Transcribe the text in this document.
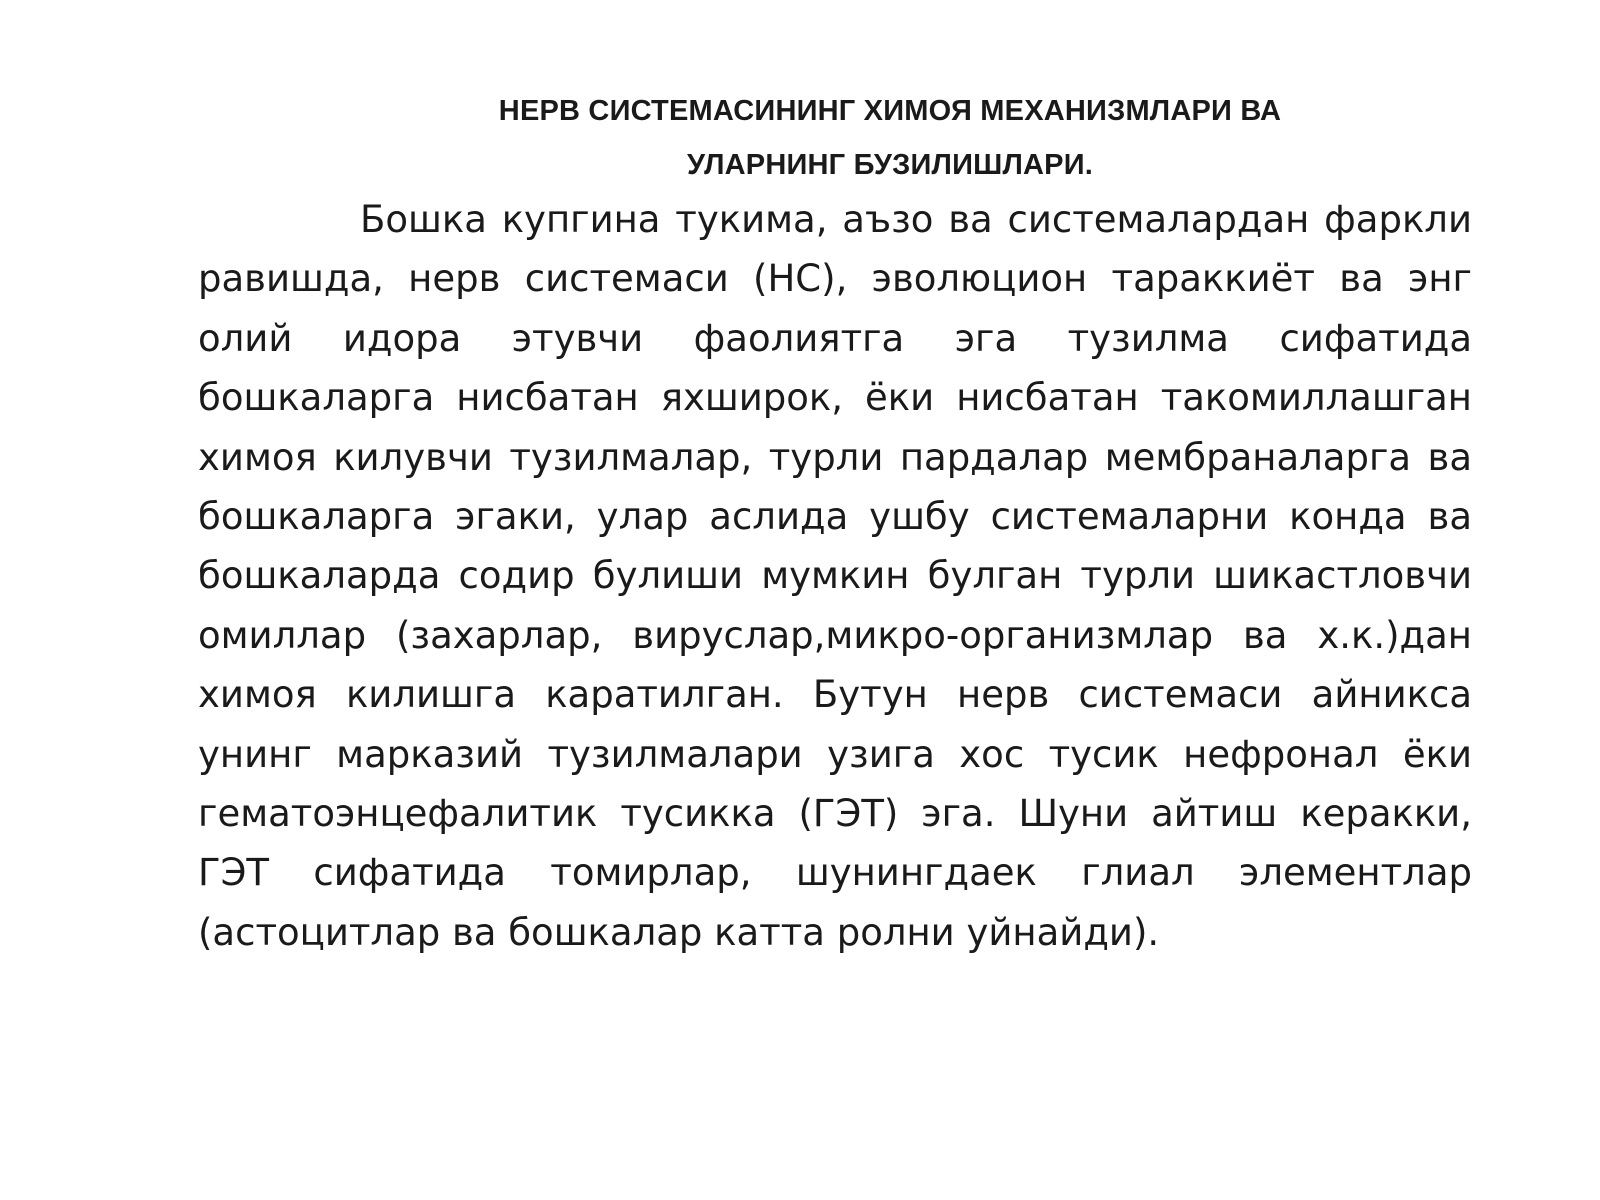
НЕРВ СИСТЕМАСИНИНГ ХИМОЯ МЕХАНИЗМЛАРИ ВА
УЛАРНИНГ БУЗИЛИШЛАРИ.

Бошка купгина тукима, аъзо ва системалардан фаркли равишда, нерв системаси (НС), эволюцион тараккиёт ва энг олий идора этувчи фаолиятга эга тузилма сифатида бошкаларга нисбатан яхширок, ёки нисбатан такомиллашган химоя килувчи тузилмалар, турли пардалар мембраналарга ва бошкаларга эгаки, улар аслида ушбу системаларни конда ва бошкаларда содир булиши мумкин булган турли шикастловчи омиллар (захарлар, вируслар,микро-организмлар ва х.к.)дан химоя килишга каратилган. Бутун нерв системаси айникса унинг марказий тузилмалари узига хос тусик нефронал ёки гематоэнцефалитик тусикка (ГЭТ) эга. Шуни айтиш керакки, ГЭТ сифатида томирлар, шунингдаек глиал элементлар (астоцитлар ва бошкалар катта ролни уйнайди).
